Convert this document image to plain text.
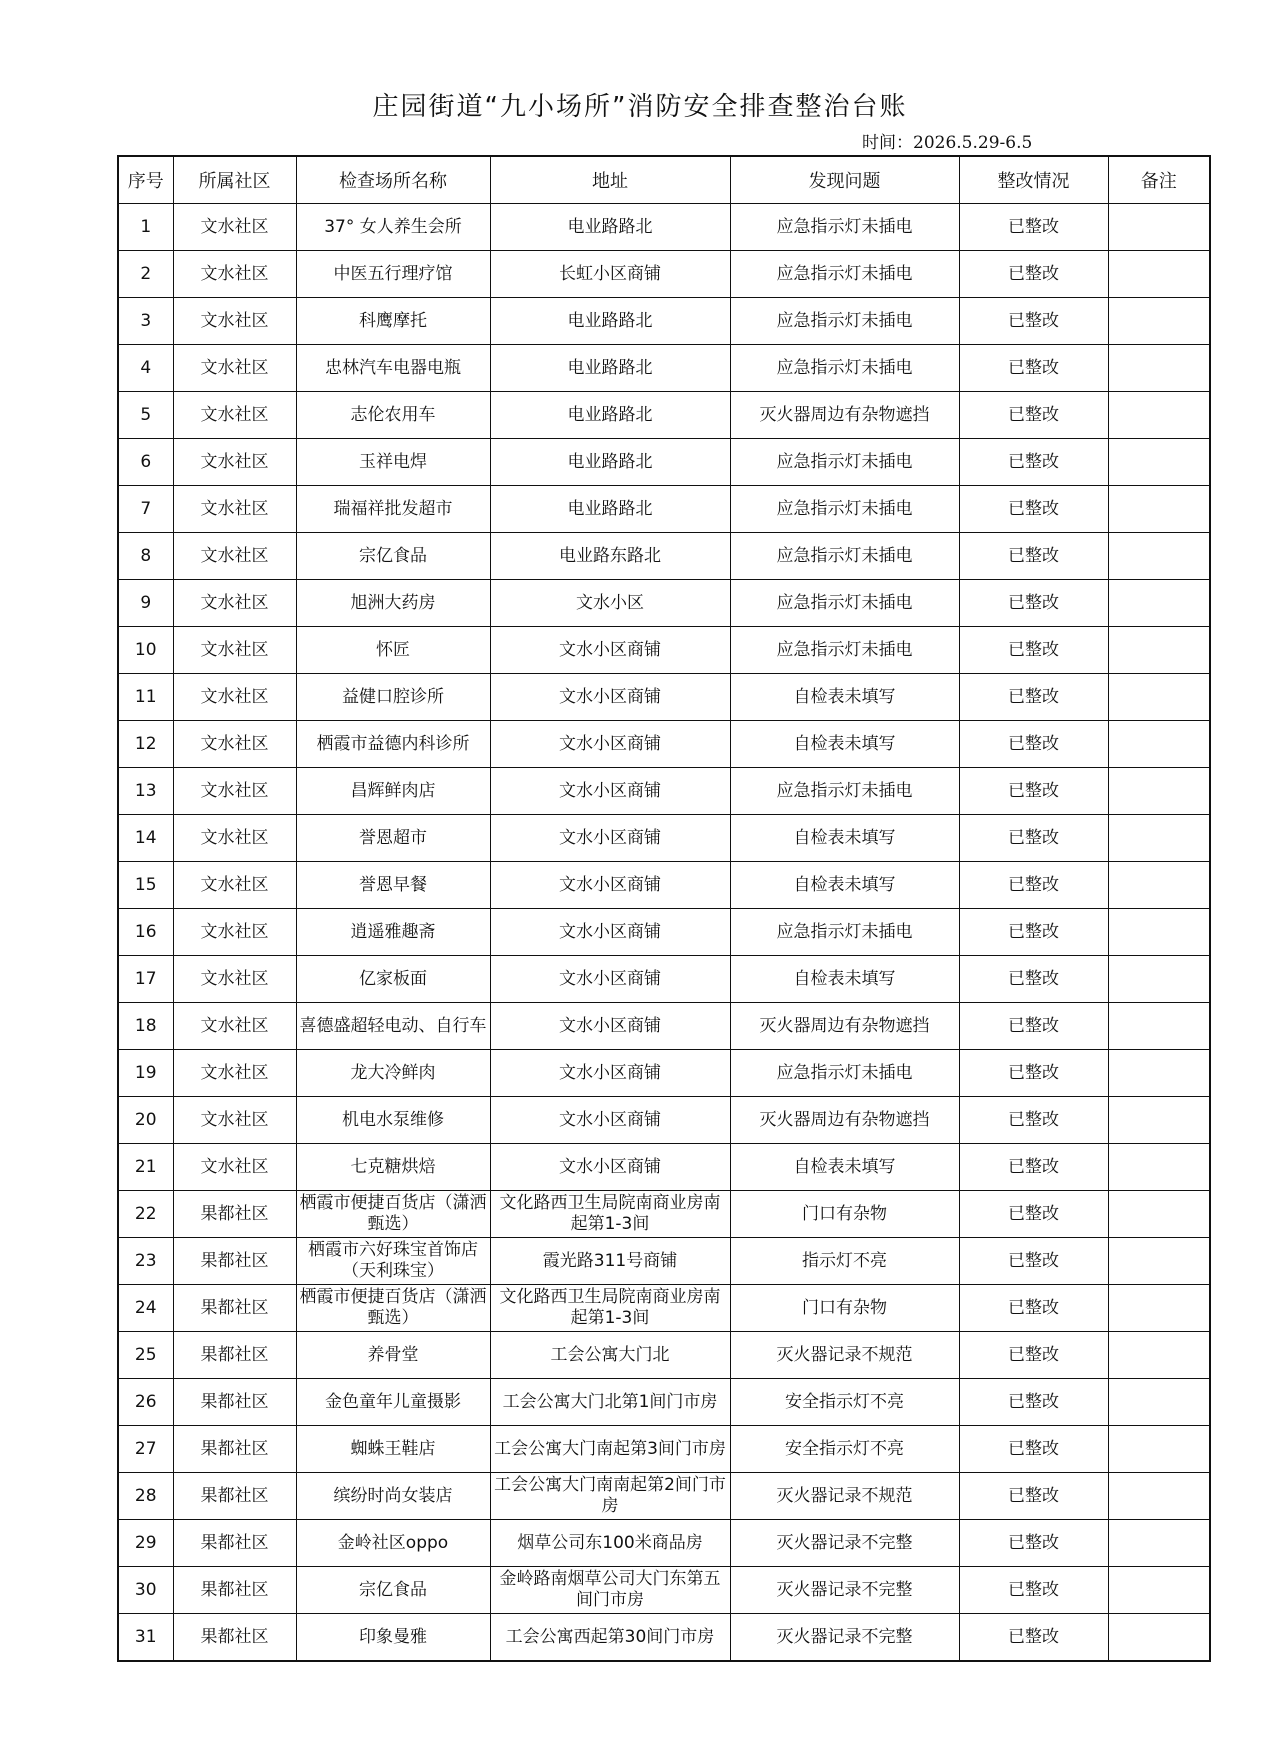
庄园街道“九小场所”消防安全排查整治台账
时间：2026.5.29-6.5
序号	所属社区	检查场所名称	地址	发现问题	整改情况	备注
1	文水社区	37° 女人养生会所	电业路路北	应急指示灯未插电	已整改	
2	文水社区	中医五行理疗馆	长虹小区商铺	应急指示灯未插电	已整改	
3	文水社区	科鹰摩托	电业路路北	应急指示灯未插电	已整改	
4	文水社区	忠林汽车电器电瓶	电业路路北	应急指示灯未插电	已整改	
5	文水社区	志伦农用车	电业路路北	灭火器周边有杂物遮挡	已整改	
6	文水社区	玉祥电焊	电业路路北	应急指示灯未插电	已整改	
7	文水社区	瑞福祥批发超市	电业路路北	应急指示灯未插电	已整改	
8	文水社区	宗亿食品	电业路东路北	应急指示灯未插电	已整改	
9	文水社区	旭洲大药房	文水小区	应急指示灯未插电	已整改	
10	文水社区	怀匠	文水小区商铺	应急指示灯未插电	已整改	
11	文水社区	益健口腔诊所	文水小区商铺	自检表未填写	已整改	
12	文水社区	栖霞市益德内科诊所	文水小区商铺	自检表未填写	已整改	
13	文水社区	昌辉鲜肉店	文水小区商铺	应急指示灯未插电	已整改	
14	文水社区	誉恩超市	文水小区商铺	自检表未填写	已整改	
15	文水社区	誉恩早餐	文水小区商铺	自检表未填写	已整改	
16	文水社区	逍遥雅趣斋	文水小区商铺	应急指示灯未插电	已整改	
17	文水社区	亿家板面	文水小区商铺	自检表未填写	已整改	
18	文水社区	喜德盛超轻电动、自行车	文水小区商铺	灭火器周边有杂物遮挡	已整改	
19	文水社区	龙大冷鲜肉	文水小区商铺	应急指示灯未插电	已整改	
20	文水社区	机电水泵维修	文水小区商铺	灭火器周边有杂物遮挡	已整改	
21	文水社区	七克糖烘焙	文水小区商铺	自检表未填写	已整改	
22	果都社区	栖霞市便捷百货店（潇洒甄选）	文化路西卫生局院南商业房南起第1-3间	门口有杂物	已整改	
23	果都社区	栖霞市六好珠宝首饰店（天利珠宝）	霞光路311号商铺	指示灯不亮	已整改	
24	果都社区	栖霞市便捷百货店（潇洒甄选）	文化路西卫生局院南商业房南起第1-3间	门口有杂物	已整改	
25	果都社区	养骨堂	工会公寓大门北	灭火器记录不规范	已整改	
26	果都社区	金色童年儿童摄影	工会公寓大门北第1间门市房	安全指示灯不亮	已整改	
27	果都社区	蜘蛛王鞋店	工会公寓大门南起第3间门市房	安全指示灯不亮	已整改	
28	果都社区	缤纷时尚女装店	工会公寓大门南南起第2间门市房	灭火器记录不规范	已整改	
29	果都社区	金岭社区oppo	烟草公司东100米商品房	灭火器记录不完整	已整改	
30	果都社区	宗亿食品	金岭路南烟草公司大门东第五间门市房	灭火器记录不完整	已整改	
31	果都社区	印象曼雅	工会公寓西起第30间门市房	灭火器记录不完整	已整改	
